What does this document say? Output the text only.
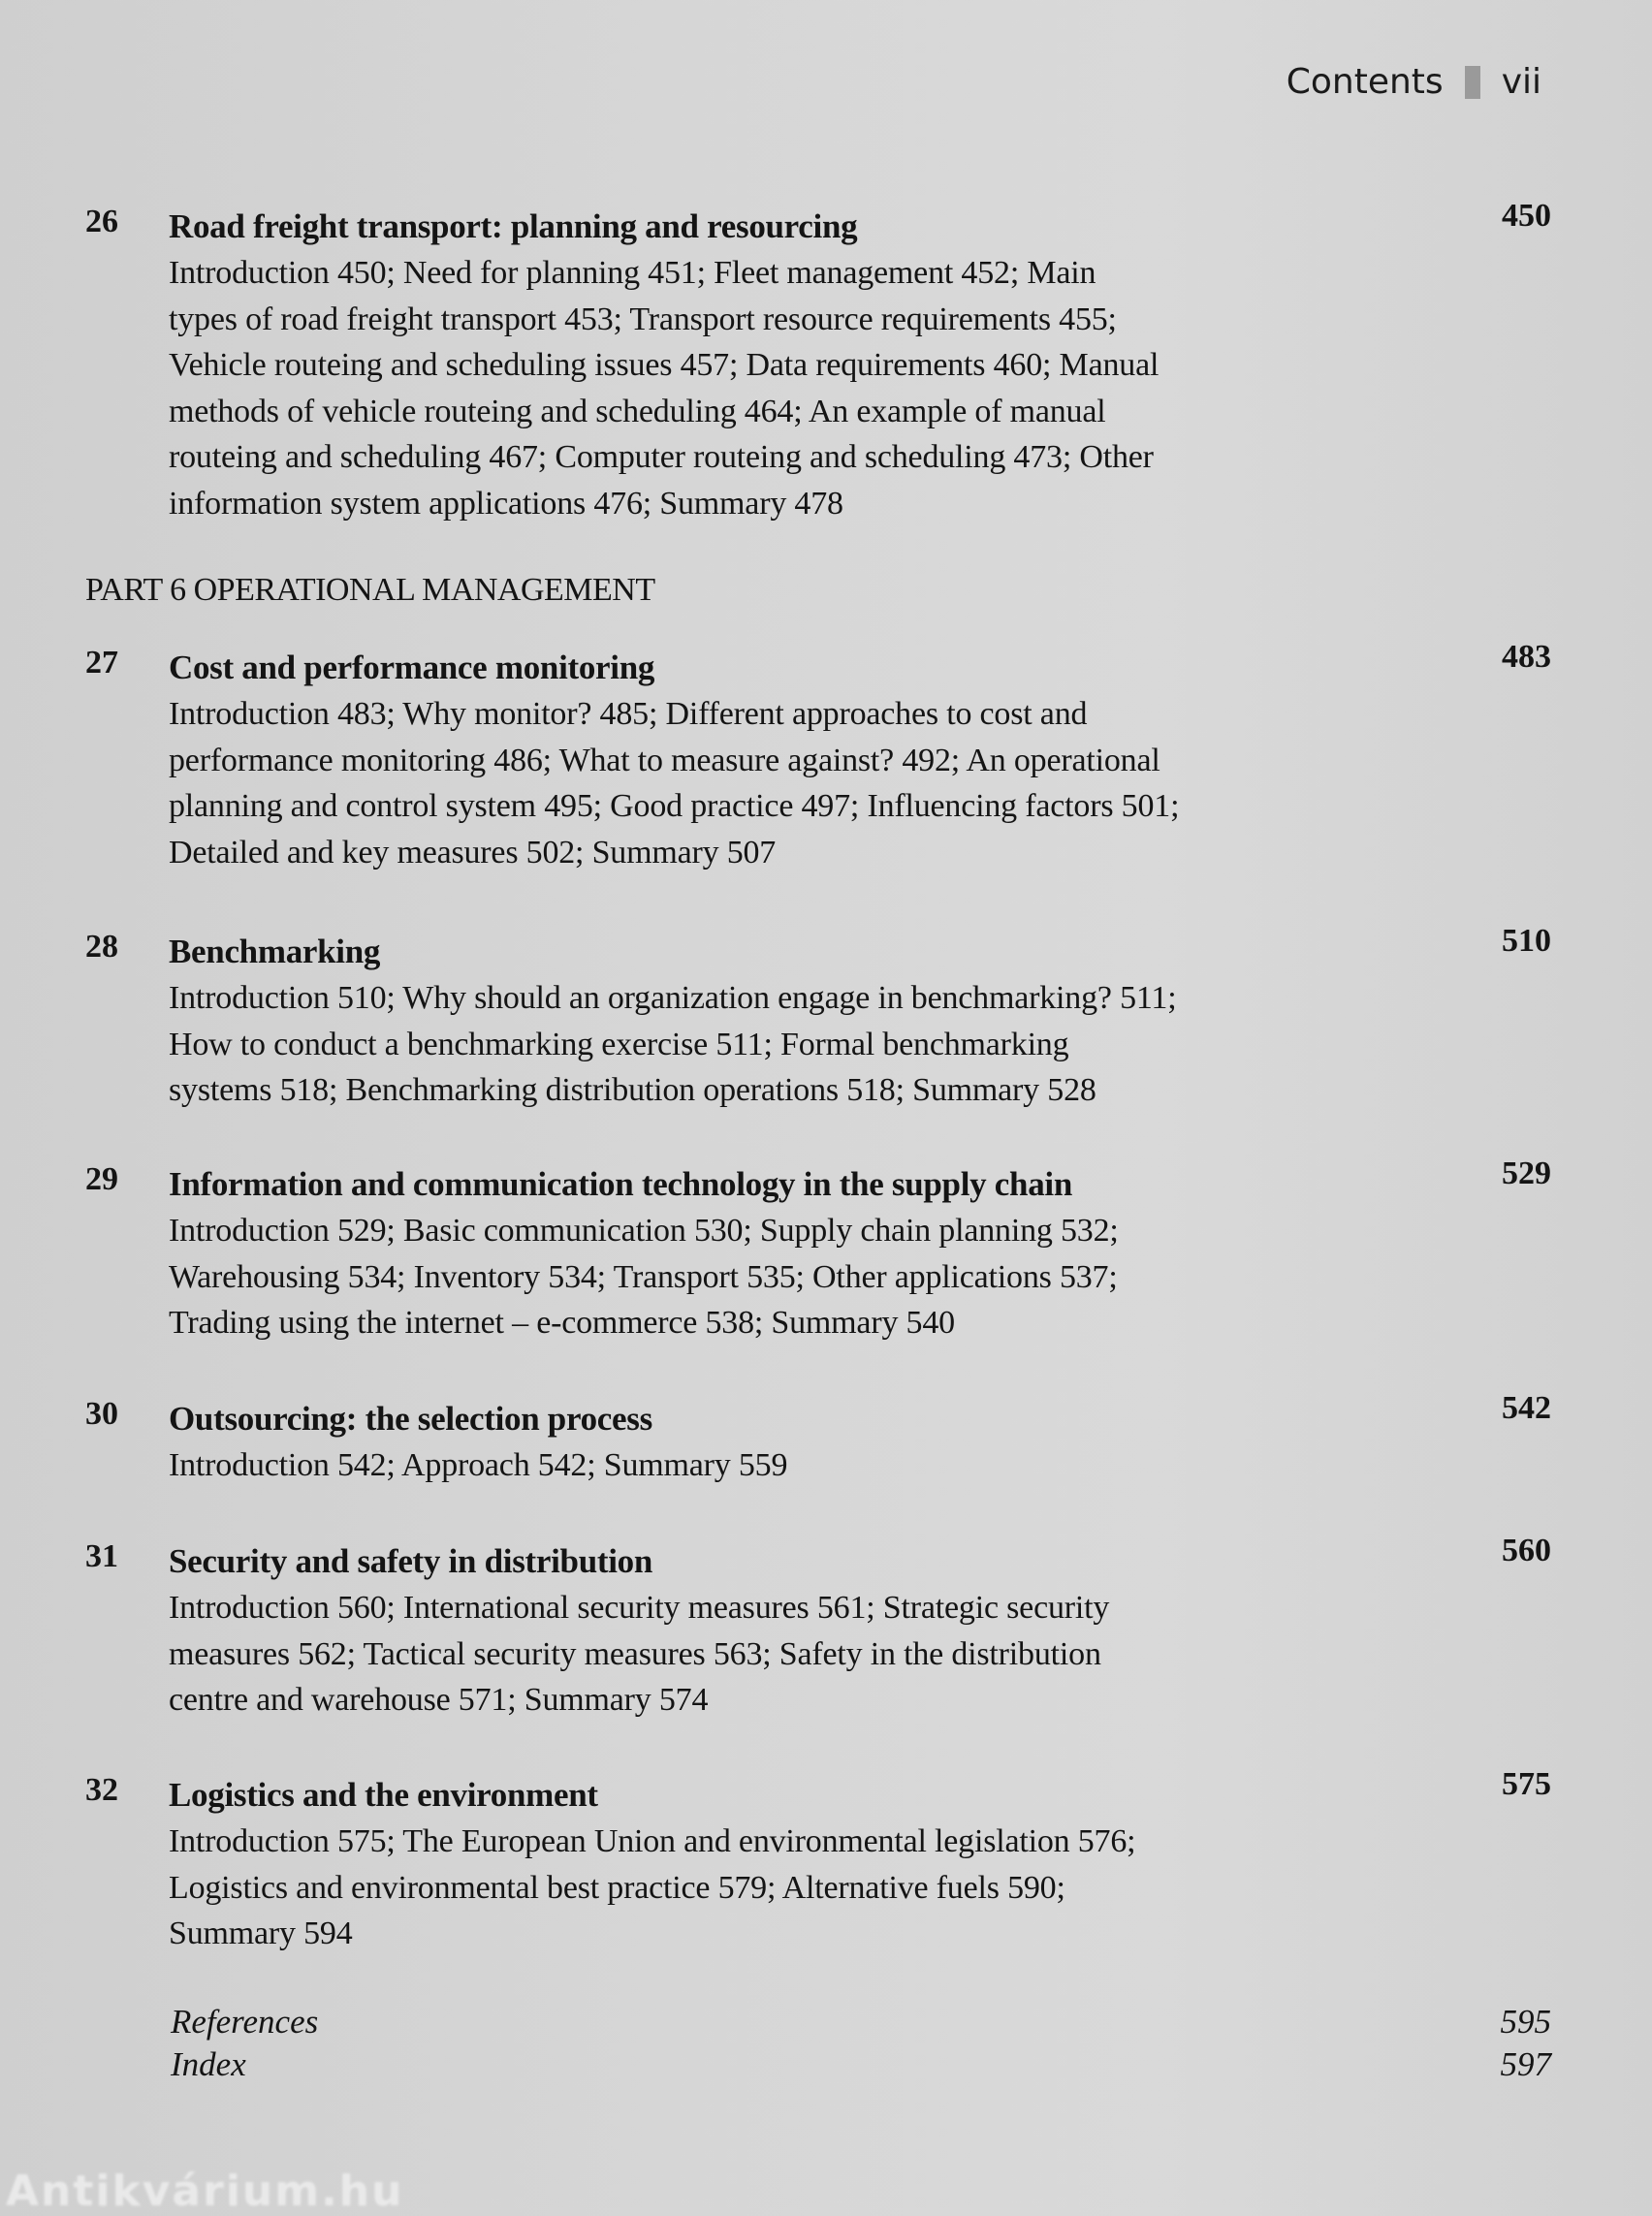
Contents vii
26 Road freight transport: planning and resourcing	450
Introduction 450; Need for planning 451; Fleet management 452; Main
types of road freight transport 453; Transport resource requirements 455;
Vehicle routeing and scheduling issues 457; Data requirements 460; Manual
methods of vehicle routeing and scheduling 464; An example of manual
routeing and scheduling 467; Computer routeing and scheduling 473; Other
information system applications 476; Summary 478
PART 6 OPERATIONAL MANAGEMENT
27 Cost and performance monitoring	483
Introduction 483; Why monitor? 485; Different approaches to cost and
performance monitoring 486; What to measure against? 492; An operational
planning and control system 495; Good practice 497; Influencing factors 501;
Detailed and key measures 502; Summary 507
28 Benchmarking	510
Introduction 510; Why should an organization engage in benchmarking? 511;
How to conduct a benchmarking exercise 511; Formal benchmarking
systems 518; Benchmarking distribution operations 518; Summary 528
29 Information and communication technology in the supply chain	529
Introduction 529; Basic communication 530; Supply chain planning 532;
Warehousing 534; Inventory 534; Transport 535; Other applications 537;
Trading using the internet – e-commerce 538; Summary 540
30 Outsourcing: the selection process	542
Introduction 542; Approach 542; Summary 559
31 Security and safety in distribution	560
Introduction 560; International security measures 561; Strategic security
measures 562; Tactical security measures 563; Safety in the distribution
centre and warehouse 571; Summary 574
32 Logistics and the environment	575
Introduction 575; The European Union and environmental legislation 576;
Logistics and environmental best practice 579; Alternative fuels 590;
Summary 594
References	595
Index	597
Antikvárium.hu
